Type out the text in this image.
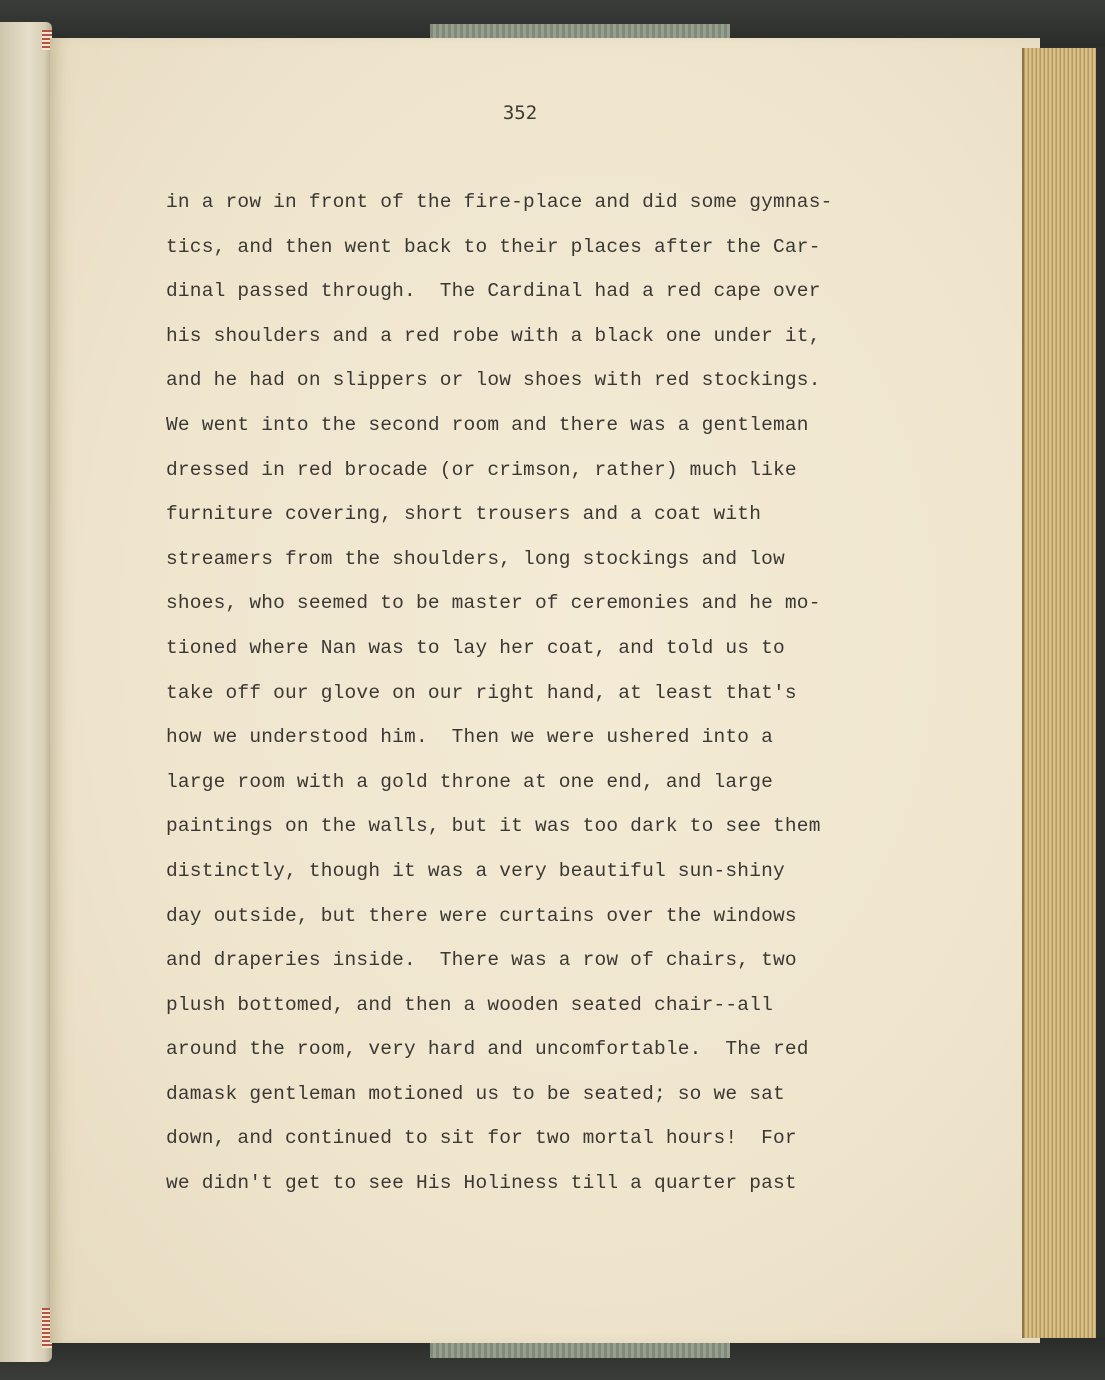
352
in a row in front of the fire-place and did some gymnas-
tics, and then went back to their places after the Car-
dinal passed through.  The Cardinal had a red cape over
his shoulders and a red robe with a black one under it,
and he had on slippers or low shoes with red stockings.
We went into the second room and there was a gentleman
dressed in red brocade (or crimson, rather) much like
furniture covering, short trousers and a coat with
streamers from the shoulders, long stockings and low
shoes, who seemed to be master of ceremonies and he mo-
tioned where Nan was to lay her coat, and told us to
take off our glove on our right hand, at least that's
how we understood him.  Then we were ushered into a
large room with a gold throne at one end, and large
paintings on the walls, but it was too dark to see them
distinctly, though it was a very beautiful sun-shiny
day outside, but there were curtains over the windows
and draperies inside.  There was a row of chairs, two
plush bottomed, and then a wooden seated chair--all
around the room, very hard and uncomfortable.  The red
damask gentleman motioned us to be seated; so we sat
down, and continued to sit for two mortal hours!  For
we didn't get to see His Holiness till a quarter past
